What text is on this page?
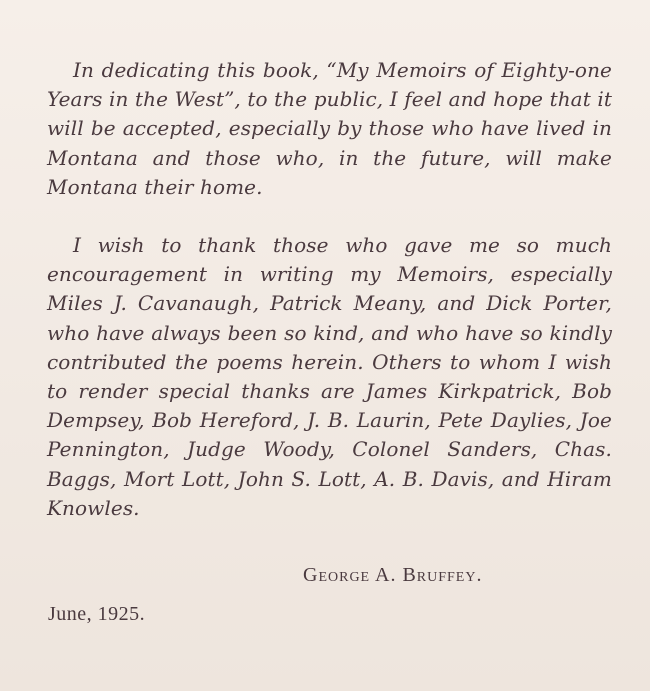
In dedicating this book, “My Memoirs of Eighty-one Years in the West”, to the public, I feel and hope that it will be accepted, especially by those who have lived in Montana and those who, in the future, will make Montana their home.

I wish to thank those who gave me so much encouragement in writing my Memoirs, especially Miles J. Cavanaugh, Patrick Meany, and Dick Porter, who have always been so kind, and who have so kindly contributed the poems herein. Others to whom I wish to render special thanks are James Kirkpatrick, Bob Dempsey, Bob Hereford, J. B. Laurin, Pete Daylies, Joe Pennington, Judge Woody, Colonel Sanders, Chas. Baggs, Mort Lott, John S. Lott, A. B. Davis, and Hiram Knowles.

George A. Bruffey.

June, 1925.
